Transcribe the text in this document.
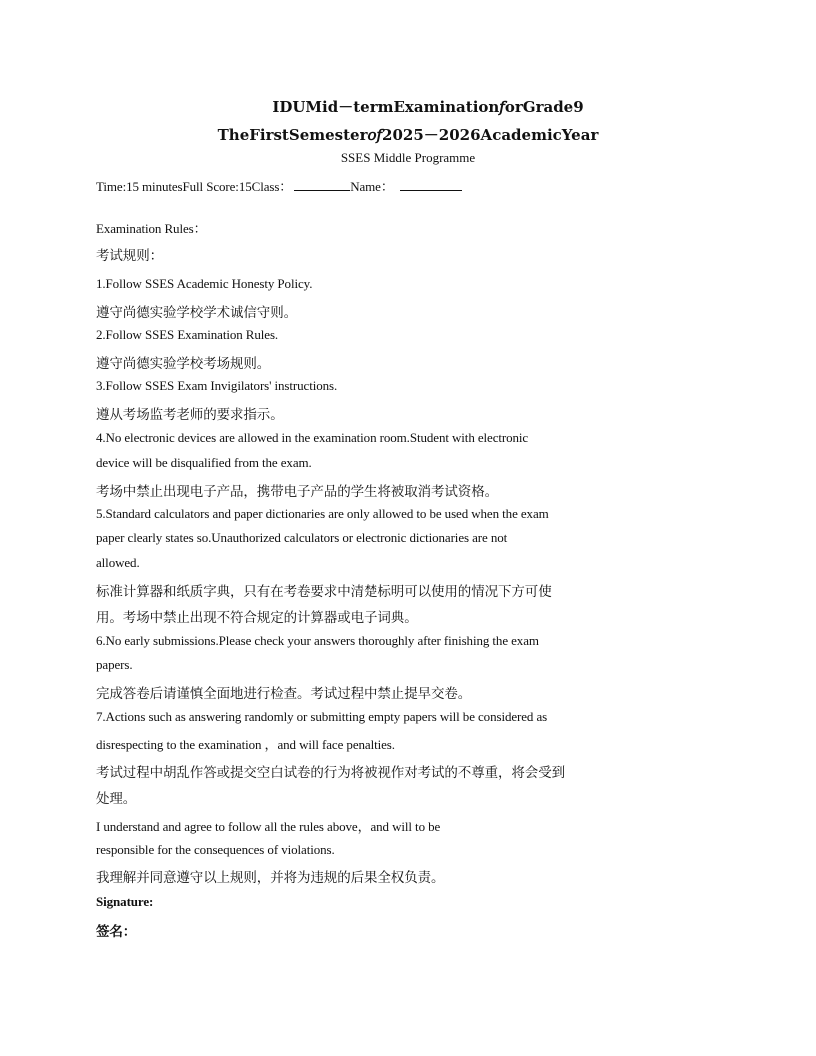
IDUMid－termExamination𝑓orGrade9
TheFirstSemester𝑜𝑓2025－2026AcademicYear
SSES Middle Programme
Time:15 minutesFull Score:15Class：	Name：
Examination Rules：
考试规则：
1.Follow SSES Academic Honesty Policy.
遵守尚德实验学校学术诚信守则。
2.Follow SSES Examination Rules.
遵守尚德实验学校考场规则。
3.Follow SSES Exam Invigilators' instructions.
遵从考场监考老师的要求指示。
4.No electronic devices are allowed in the examination room.Student with electronic
device will be disqualified from the exam.
考场中禁止出现电子产品，携带电子产品的学生将被取消考试资格。
5.Standard calculators and paper dictionaries are only allowed to be used when the exam
paper clearly states so.Unauthorized calculators or electronic dictionaries are not
allowed.
标准计算器和纸质字典，只有在考卷要求中清楚标明可以使用的情况下方可使
用。考场中禁止出现不符合规定的计算器或电子词典。
6.No early submissions.Please check your answers thoroughly after finishing the exam
papers.
完成答卷后请谨慎全面地进行检查。考试过程中禁止提早交卷。
7.Actions such as answering randomly or submitting empty papers will be considered as
disrespecting to the examination ，and will face penalties.
考试过程中胡乱作答或提交空白试卷的行为将被视作对考试的不尊重，将会受到
处理。
I understand and agree to follow all the rules above，and will to be
responsible for the consequences of violations.
我理解并同意遵守以上规则，并将为违规的后果全权负责。
Signature:
签名：
